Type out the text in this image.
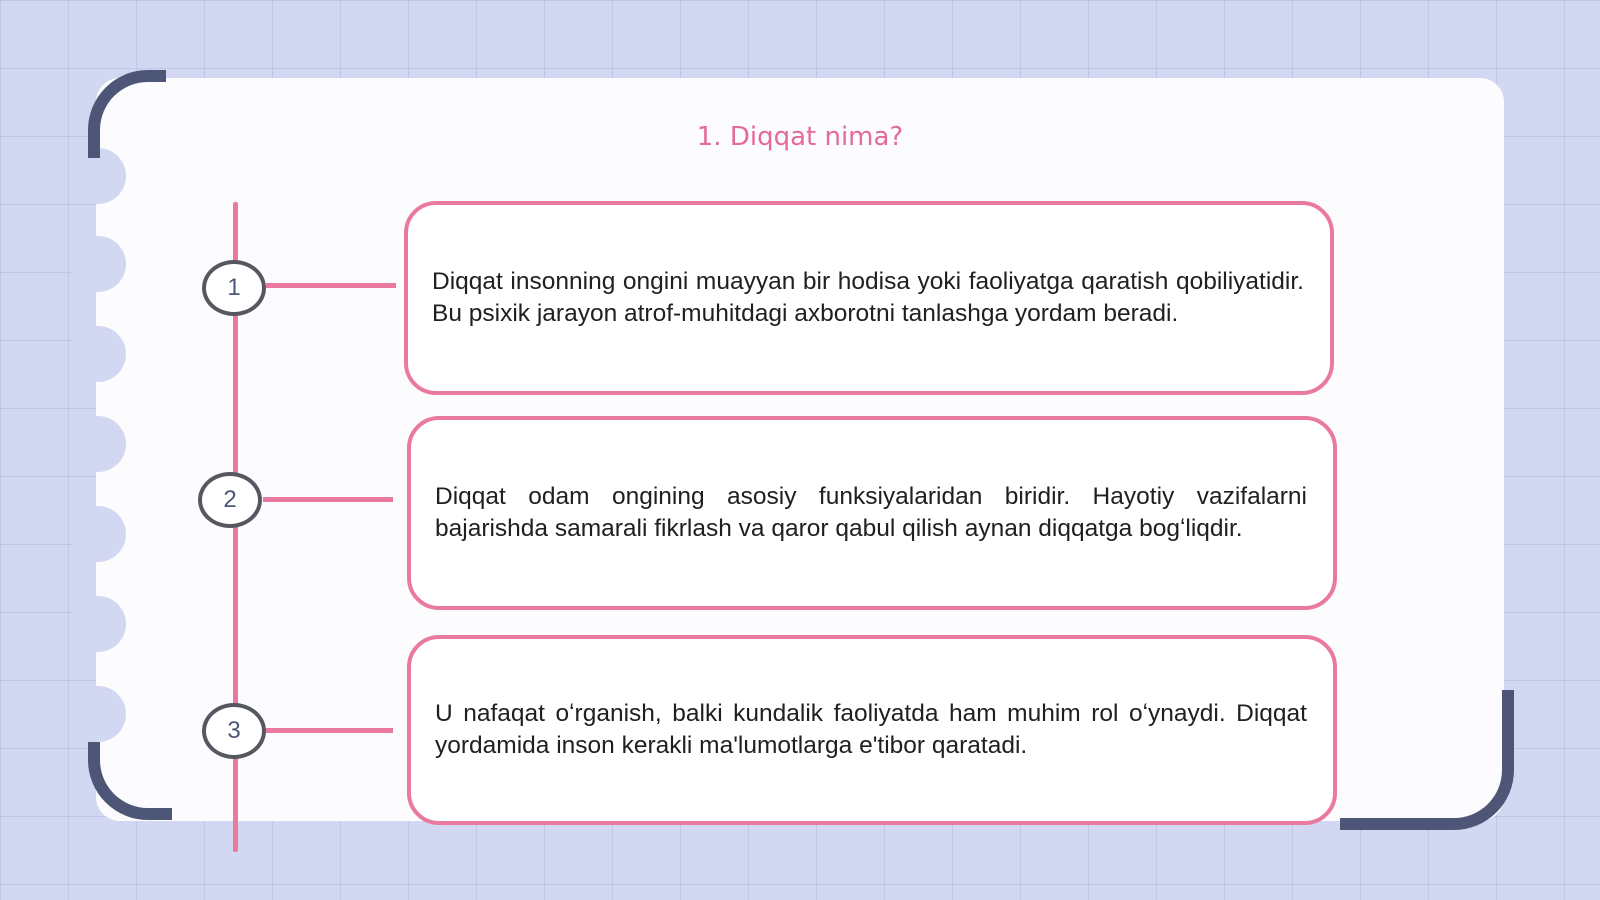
1. Diqqat nima?
1	Diqqat insonning ongini muayyan bir hodisa yoki faoliyatga qaratish qobiliyatidir. Bu psixik jarayon atrof-muhitdagi axborotni tanlashga yordam beradi.

2	Diqqat odam ongining asosiy funksiyalaridan biridir. Hayotiy vazifalarni bajarishda samarali fikrlash va qaror qabul qilish aynan diqqatga bogʻliqdir.

3

U nafaqat oʻrganish, balki kundalik faoliyatda ham muhim rol oʻynaydi. Diqqat yordamida inson kerakli ma'lumotlarga e'tibor qaratadi.
